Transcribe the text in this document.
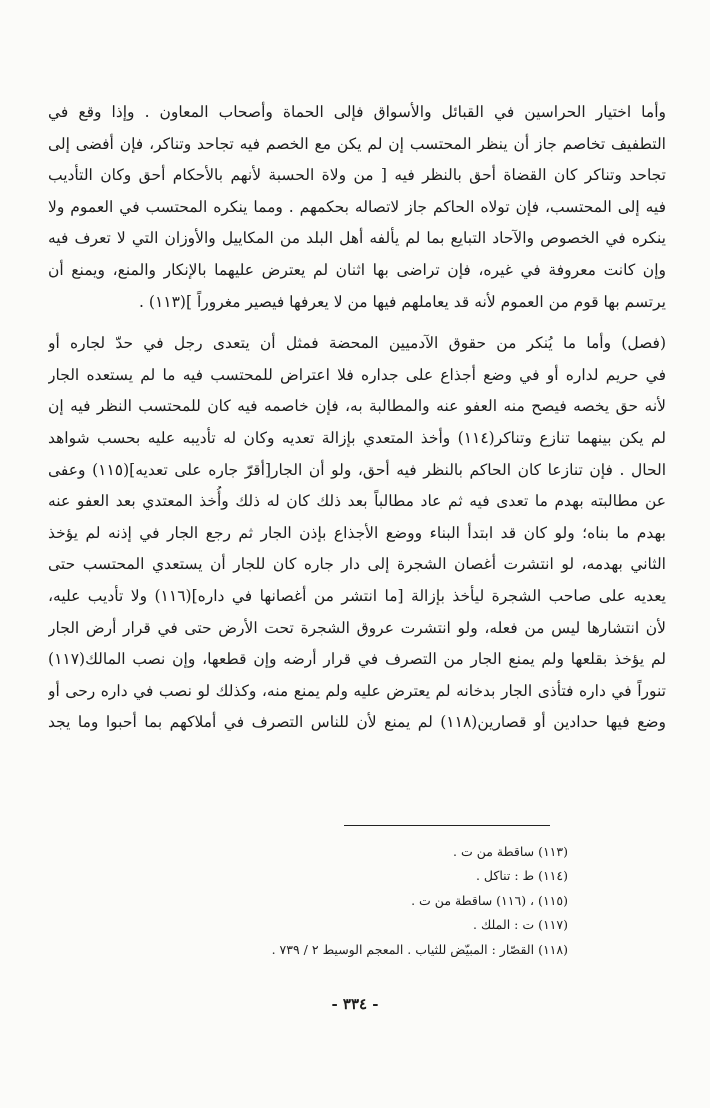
وأما اختيار الحراسين في القبائل والأسواق فإلى الحماة وأصحاب المعاون . وإذا وقع في
التطفيف تخاصم جاز أن ينظر المحتسب إن لم يكن مع الخصم فيه تجاحد وتناكر، فإن أفضى إلى
تجاحد وتناكر كان القضاة أحق بالنظر فيه [ من ولاة الحسبة لأنهم بالأحكام أحق وكان التأديب
فيه إلى المحتسب، فإن تولاه الحاكم جاز لاتصاله بحكمهم . ومما ينكره المحتسب في العموم ولا
ينكره في الخصوص والآحاد التبايع بما لم يألفه أهل البلد من المكاييل والأوزان التي لا تعرف فيه
وإن كانت معروفة في غيره، فإن تراضى بها اثنان لم يعترض عليهما بالإنكار والمنع، ويمنع أن
يرتسم بها قوم من العموم لأنه قد يعاملهم فيها من لا يعرفها فيصير مغروراً ](١١٣) .
(فصل) وأما ما يُنكر من حقوق الآدميين المحضة فمثل أن يتعدى رجل في حدّ لجاره أو
في حريم لداره أو في وضع أجذاع على جداره فلا اعتراض للمحتسب فيه ما لم يستعده الجار
لأنه حق يخصه فيصح منه العفو عنه والمطالبة به، فإن خاصمه فيه كان للمحتسب النظر فيه إن
لم يكن بينهما تنازع وتناكر(١١٤) وأخذ المتعدي بإزالة تعديه وكان له تأديبه عليه بحسب شواهد
الحال . فإن تنازعا كان الحاكم بالنظر فيه أحق، ولو أن الجار[أقرّ جاره على تعديه](١١٥) وعفى
عن مطالبته بهدم ما تعدى فيه ثم عاد مطالباً بعد ذلك كان له ذلك وأُخذ المعتدي بعد العفو عنه
بهدم ما بناه؛ ولو كان قد ابتدأ البناء ووضع الأجذاع بإذن الجار ثم رجع الجار في إذنه لم يؤخذ
الثاني بهدمه، لو انتشرت أغصان الشجرة إلى دار جاره كان للجار أن يستعدي المحتسب حتى
يعديه على صاحب الشجرة ليأخذ بإزالة [ما انتشر من أغصانها في داره](١١٦) ولا تأديب عليه،
لأن انتشارها ليس من فعله، ولو انتشرت عروق الشجرة تحت الأرض حتى في قرار أرض الجار
لم يؤخذ بقلعها ولم يمنع الجار من التصرف في قرار أرضه وإن قطعها، وإن نصب المالك(١١٧)
تنوراً في داره فتأذى الجار بدخانه لم يعترض عليه ولم يمنع منه، وكذلك لو نصب في داره رحى أو
وضع فيها حدادين أو قصارين(١١٨) لم يمنع لأن للناس التصرف في أملاكهم بما أحبوا وما يجد
(١١٣) ساقطة من ت .
(١١٤) ط : تناكل .
(١١٥) ، (١١٦) ساقطة من ت .
(١١٧) ت : الملك .
(١١٨) القصّار : المبيّض للثياب . المعجم الوسيط ٢ / ٧٣٩ .
- ٣٣٤ -
